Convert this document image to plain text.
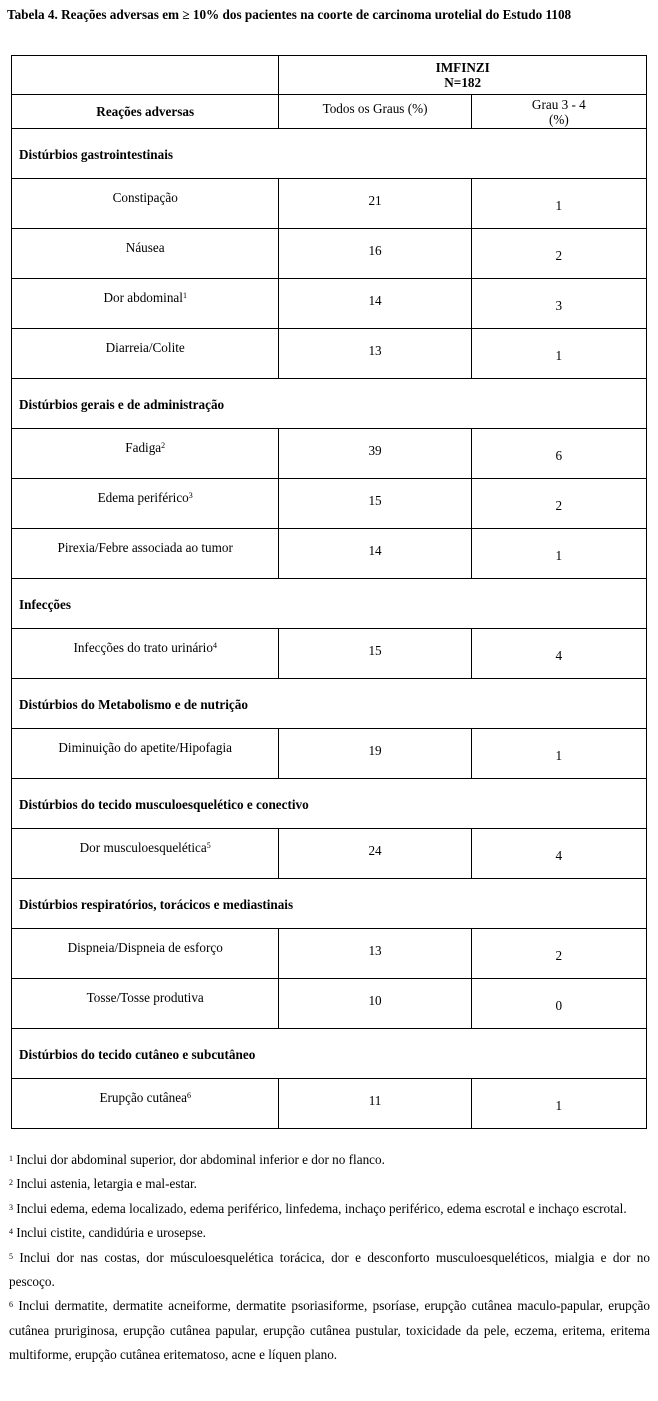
Tabela 4. Reações adversas em ≥ 10% dos pacientes na coorte de carcinoma urotelial do Estudo 1108
	IMFINZI
N=182	
Reações adversas	Todos os Graus (%)	Grau 3 - 4
(%)
Distúrbios gastrointestinais		
Constipação	21	1
Náusea	16	2
Dor abdominal$^1$	14	3
Diarreia/Colite	13	1
Distúrbios gerais e de administração		
Fadiga$^2$	39	6
Edema periférico$^3$	15	2
Pirexia/Febre associada ao tumor	14	1
Infecções		
Infecções do trato urinário$^4$	15	4
Distúrbios do Metabolismo e de nutrição		
Diminuição do apetite/Hipofagia	19	1
Distúrbios do tecido musculoesquelético e conectivo		
Dor musculoesquelética$^5$	24	4
Distúrbios respiratórios, torácicos e mediastinais		
Dispneia/Dispneia de esforço	13	2
Tosse/Tosse produtiva	10	0
Distúrbios do tecido cutâneo e subcutâneo		
Erupção cutânea$^6$	11	1

$^1$ Inclui dor abdominal superior, dor abdominal inferior e dor no flanco.

$^2$ Inclui astenia, letargia e mal-estar.

$^3$ Inclui edema, edema localizado, edema periférico, linfedema, inchaço periférico, edema escrotal e inchaço escrotal.

$^4$ Inclui cistite, candidúria e urosepse.

$^5$ Inclui dor nas costas, dor músculoesquelética torácica, dor e desconforto musculoesqueléticos, mialgia e dor no pescoço.

$^6$ Inclui dermatite, dermatite acneiforme, dermatite psoriasiforme, psoríase, erupção cutânea maculo-papular, erupção cutânea pruriginosa, erupção cutânea papular, erupção cutânea pustular, toxicidade da pele, eczema, eritema, eritema multiforme, erupção cutânea eritematoso, acne e líquen plano.
